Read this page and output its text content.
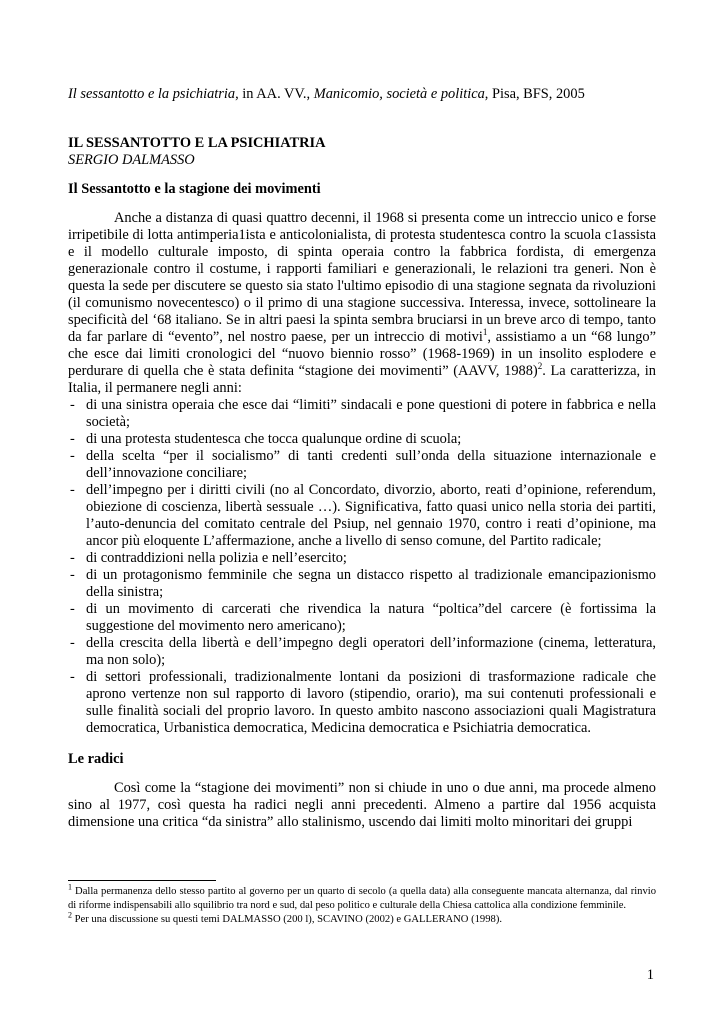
Il sessantotto e la psichiatria, in AA. VV., Manicomio, società e politica, Pisa, BFS, 2005

IL SESSANTOTTO E LA PSICHIATRIA

SERGIO DALMASSO

Il Sessantotto e la stagione dei movimenti

Anche a distanza di quasi quattro decenni, il 1968 si presenta come un intreccio unico e forse irripetibile di lotta antimperia1ista e anticolonialista, di protesta studentesca contro la scuola c1assista e il modello culturale imposto, di spinta operaia contro la fabbrica fordista, di emergenza generazionale contro il costume, i rapporti familiari e generazionali, le relazioni tra generi. Non è questa la sede per discutere se questo sia stato l'ultimo episodio di una stagione segnata da rivoluzioni (il comunismo novecentesco) o il primo di una stagione successiva. Interessa, invece, sottolineare la specificità del ‘68 italiano. Se in altri paesi la spinta sembra bruciarsi in un breve arco di tempo, tanto da far parlare di “evento”, nel nostro paese, per un intreccio di motivi$^1$, assistiamo a un “68 lungo” che esce dai limiti cronologici del “nuovo biennio rosso” (1968-1969) in un insolito esplodere e perdurare di quella che è stata definita “stagione dei movimenti” (AAVV, 1988)$^2$. La caratterizza, in Italia, il permanere negli anni:

- di una sinistra operaia che esce dai “limiti” sindacali e pone questioni di potere in fabbrica e nella società;
- di una protesta studentesca che tocca qualunque ordine di scuola;
- della scelta “per il socialismo” di tanti credenti sull’onda della situazione internazionale e dell’innovazione conciliare;
- dell’impegno per i diritti civili (no al Concordato, divorzio, aborto, reati d’opinione, referendum, obiezione di coscienza, libertà sessuale …). Significativa, fatto quasi unico nella storia dei partiti, l’auto-denuncia del comitato centrale del Psiup, nel gennaio 1970, contro i reati d’opinione, ma ancor più eloquente L’affermazione, anche a livello di senso comune, del Partito radicale;
- di contraddizioni nella polizia e nell’esercito;
- di un protagonismo femminile che segna un distacco rispetto al tradizionale emancipazionismo della sinistra;
- di un movimento di carcerati che rivendica la natura “poltica”del carcere (è fortissima la suggestione del movimento nero americano);
- della crescita della libertà e dell’impegno degli operatori dell’informazione (cinema, letteratura, ma non solo);
- di settori professionali, tradizionalmente lontani da posizioni di trasformazione radicale che aprono vertenze non sul rapporto di lavoro (stipendio, orario), ma sui contenuti professionali e sulle finalità sociali del proprio lavoro. In questo ambito nascono associazioni quali Magistratura democratica, Urbanistica democratica, Medicina democratica e Psichiatria democratica.

Le radici

Così come la “stagione dei movimenti” non si chiude in uno o due anni, ma procede almeno sino al 1977, così questa ha radici negli anni precedenti. Almeno a partire dal 1956 acquista dimensione una critica “da sinistra” allo stalinismo, uscendo dai limiti molto minoritari dei gruppi

$^1$ Dalla permanenza dello stesso partito al governo per un quarto di secolo (a quella data) alla conseguente mancata alternanza, dal rinvio di riforme indispensabili allo squilibrio tra nord e sud, dal peso politico e culturale della Chiesa cattolica alla condizione femminile.

$^2$ Per una discussione su questi temi DALMASSO (200 l), SCAVINO (2002) e GALLERANO (1998).

1
